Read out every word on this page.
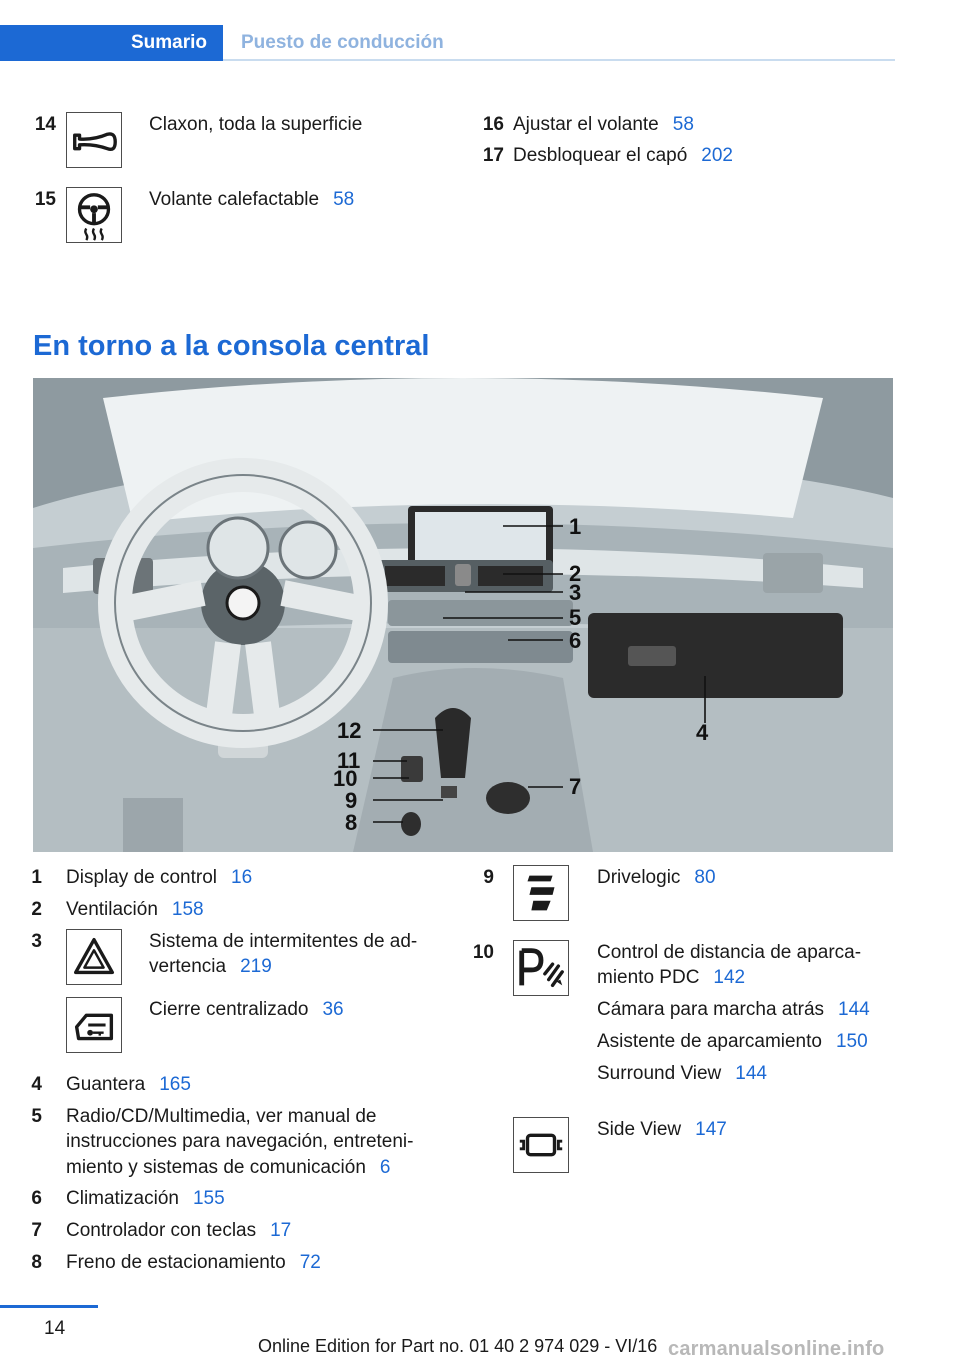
Sumario	Puesto de conducción
14	Claxon, toda la superficie
15	Volante calefactable 58
16 Ajustar el volante 58
17 Desbloquear el capó 202
En torno a la consola central
1
2
3
4
5
6
7
8
9
10
11
12
1 Display de control 16
2 Ventilación 158
3	Sistema de intermitentes de ad-
vertencia 219
Cierre centralizado 36
4 Guantera 165
5 Radio/CD/Multimedia, ver manual de
instrucciones para navegación, entreteni-
miento y sistemas de comunicación 6
6 Climatización 155
7 Controlador con teclas 17
8 Freno de estacionamiento 72
9	Drivelogic 80
10	Control de distancia de aparca-
miento PDC 142
Cámara para marcha atrás 144
Asistente de aparcamiento 150
Surround View 144
Side View 147
14
Online Edition for Part no. 01 40 2 974 029 - VI/16 carmanualsonline.info
